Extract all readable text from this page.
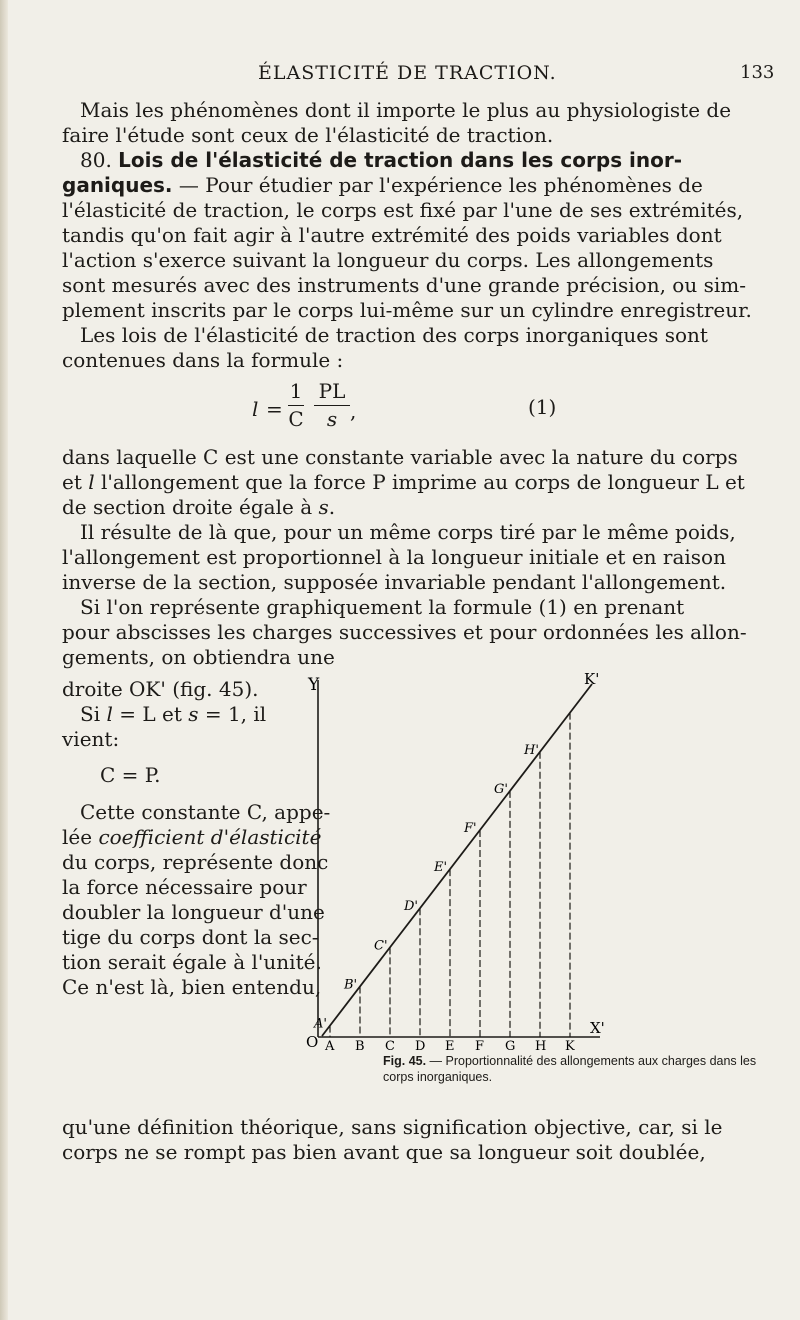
ÉLASTICITÉ DE TRACTION.	133

Mais les phénomènes dont il importe le plus au physiologiste de

faire l'étude sont ceux de l'élasticité de traction.

80. Lois de l'élasticité de traction dans les corps inor-

ganiques. — Pour étudier par l'expérience les phénomènes de

l'élasticité de traction, le corps est fixé par l'une de ses extrémités,

tandis qu'on fait agir à l'autre extrémité des poids variables dont

l'action s'exerce suivant la longueur du corps. Les allongements

sont mesurés avec des instruments d'une grande précision, ou sim-

plement inscrits par le corps lui-même sur un cylindre enregistreur.

Les lois de l'élasticité de traction des corps inorganiques sont

contenues dans la formule :

l =
1
C
PL
s ,	(1)

dans laquelle C est une constante variable avec la nature du corps

et l l'allongement que la force P imprime au corps de longueur L et

de section droite égale à s.

Il résulte de là que, pour un même corps tiré par le même poids,

l'allongement est proportionnel à la longueur initiale et en raison

inverse de la section, supposée invariable pendant l'allongement.

Si l'on représente graphiquement la formule (1) en prenant

pour abscisses les charges successives et pour ordonnées les allon-

gements, on obtiendra une

droite OK' (fig. 45).

Si l = L et s = 1, il

vient:

C = P.

Cette constante C, appe-

lée coefficient d'élasticité

du corps, représente donc

la force nécessaire pour

doubler la longueur d'une

tige du corps dont la sec-

tion serait égale à l'unité.

Ce n'est là, bien entendu,

Y
X'
O
K'
A
A'
B
B'
C
C'
D
D'
E
E'
F
F'
G
G'
H
H'
K
Fig. 45. — Proportionnalité des allongements aux charges dans les corps inorganiques.

qu'une définition théorique, sans signification objective, car, si le

corps ne se rompt pas bien avant que sa longueur soit doublée,
